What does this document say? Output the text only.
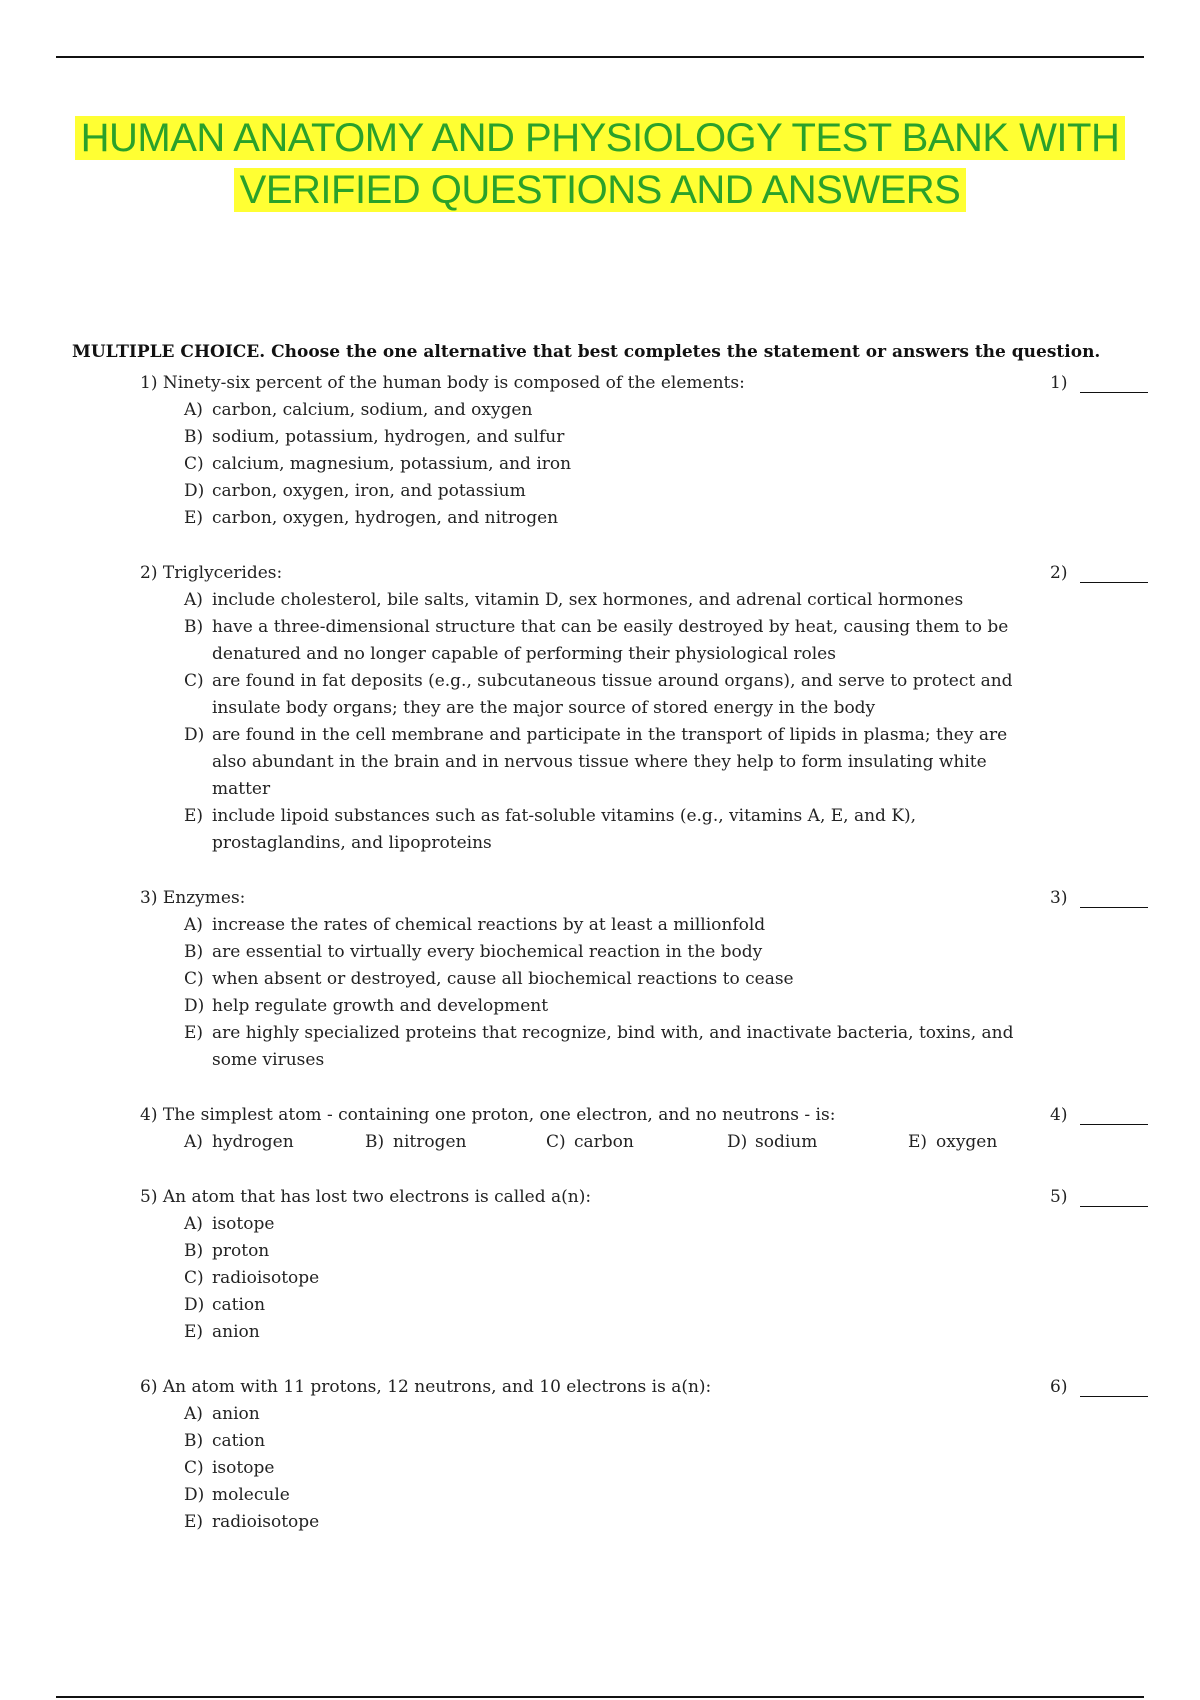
HUMAN ANATOMY AND PHYSIOLOGY TEST BANK WITH
VERIFIED QUESTIONS AND ANSWERS
MULTIPLE CHOICE. Choose the one alternative that best completes the statement or answers the question.
1) Ninety-six percent of the human body is composed of the elements:	1)
A) carbon, calcium, sodium, and oxygen
B) sodium, potassium, hydrogen, and sulfur
C) calcium, magnesium, potassium, and iron
D) carbon, oxygen, iron, and potassium
E) carbon, oxygen, hydrogen, and nitrogen
2) Triglycerides:	2)
A) include cholesterol, bile salts, vitamin D, sex hormones, and adrenal cortical hormones
B) have a three-dimensional structure that can be easily destroyed by heat, causing them to be denatured and no longer capable of performing their physiological roles
C) are found in fat deposits (e.g., subcutaneous tissue around organs), and serve to protect and insulate body organs; they are the major source of stored energy in the body
D) are found in the cell membrane and participate in the transport of lipids in plasma; they are also abundant in the brain and in nervous tissue where they help to form insulating white matter
E) include lipoid substances such as fat-soluble vitamins (e.g., vitamins A, E, and K), prostaglandins, and lipoproteins
3) Enzymes:	3)
A) increase the rates of chemical reactions by at least a millionfold
B) are essential to virtually every biochemical reaction in the body
C) when absent or destroyed, cause all biochemical reactions to cease
D) help regulate growth and development
E) are highly specialized proteins that recognize, bind with, and inactivate bacteria, toxins, and some viruses
4) The simplest atom - containing one proton, one electron, and no neutrons - is:	4)
A) hydrogen	B) nitrogen	C) carbon	D) sodium	E) oxygen
5) An atom that has lost two electrons is called a(n):	5)
A) isotope
B) proton
C) radioisotope
D) cation
E) anion
6) An atom with 11 protons, 12 neutrons, and 10 electrons is a(n):	6)
A) anion
B) cation
C) isotope
D) molecule
E) radioisotope
